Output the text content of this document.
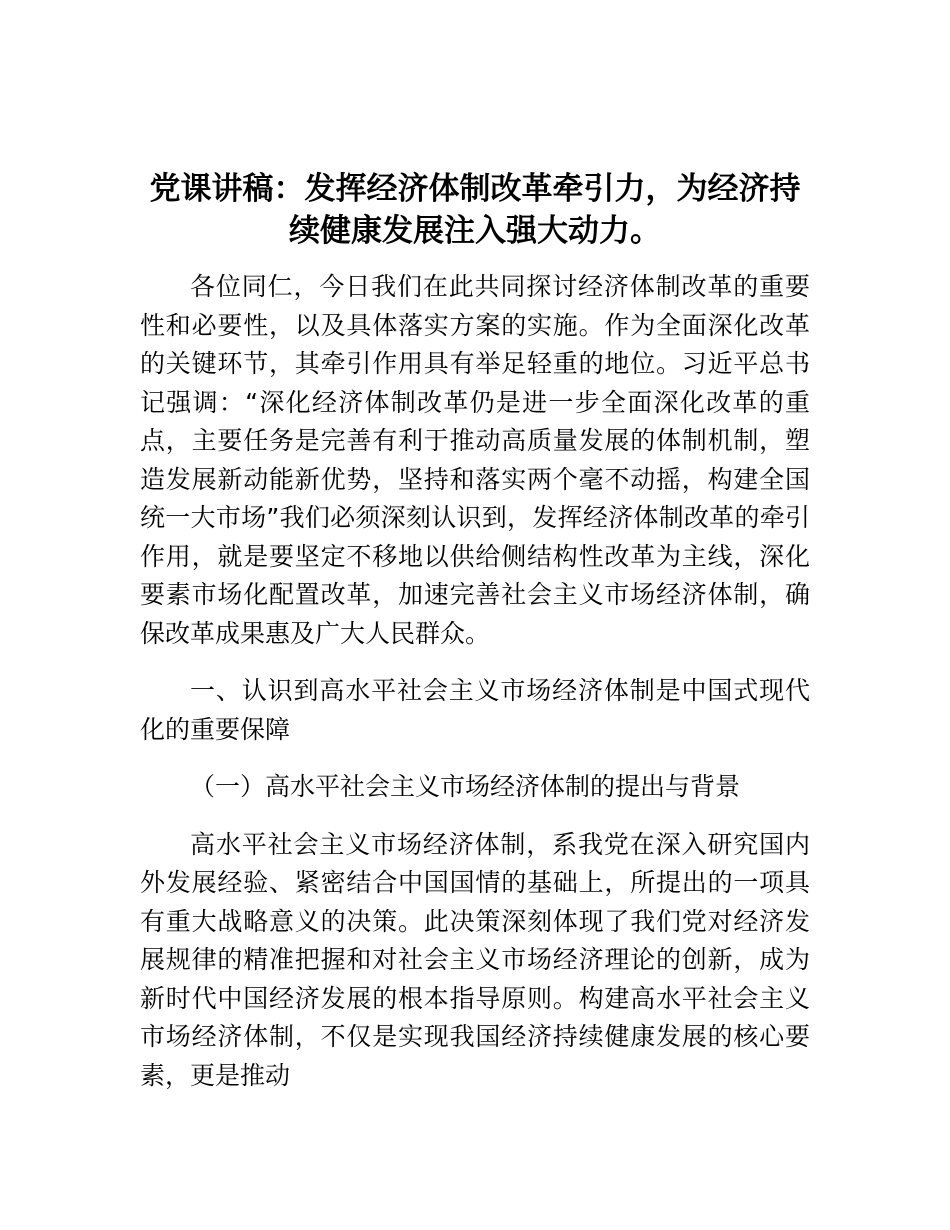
党课讲稿：发挥经济体制改革牵引力，为经济持续健康发展注入强大动力。

各位同仁，今日我们在此共同探讨经济体制改革的重要性和必要性，以及具体落实方案的实施。作为全面深化改革的关键环节，其牵引作用具有举足轻重的地位。习近平总书记强调：“深化经济体制改革仍是进一步全面深化改革的重点，主要任务是完善有利于推动高质量发展的体制机制，塑造发展新动能新优势，坚持和落实两个毫不动摇，构建全国统一大市场”我们必须深刻认识到，发挥经济体制改革的牵引作用，就是要坚定不移地以供给侧结构性改革为主线，深化要素市场化配置改革，加速完善社会主义市场经济体制，确保改革成果惠及广大人民群众。

一、认识到高水平社会主义市场经济体制是中国式现代化的重要保障

（一）高水平社会主义市场经济体制的提出与背景

高水平社会主义市场经济体制，系我党在深入研究国内外发展经验、紧密结合中国国情的基础上，所提出的一项具有重大战略意义的决策。此决策深刻体现了我们党对经济发展规律的精准把握和对社会主义市场经济理论的创新，成为新时代中国经济发展的根本指导原则。构建高水平社会主义市场经济体制，不仅是实现我国经济持续健康发展的核心要素，更是推动
